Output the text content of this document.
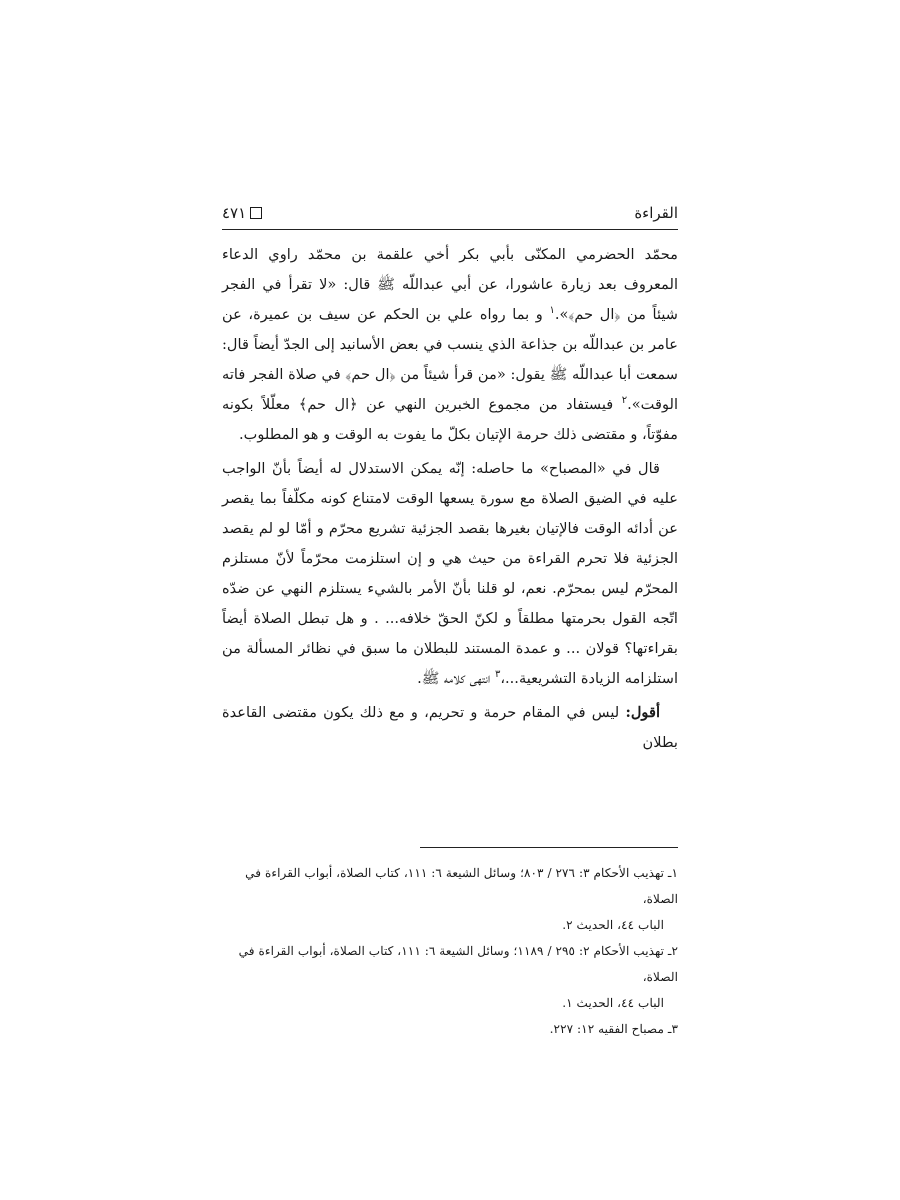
القراءة
٤٧١

محمّد الحضرمي المكنّى بأبي بكر أخي علقمة بن محمّد راوي الدعاء المعروف بعد زيارة عاشورا، عن أبي عبداللّه ﷺ قال: «لا تقرأ في الفجر شيئاً من ﴿ال حم﴾».$^١$ و بما رواه علي بن الحكم عن سيف بن عميرة، عن عامر بن عبداللّه بن جذاعة الذي ينسب في بعض الأسانيد إلى الجدّ أيضاً قال: سمعت أبا عبداللّه ﷺ يقول: «من قرأ شيئاً من ﴿ال حم﴾ في صلاة الفجر فاته الوقت».$^٢$ فيستفاد من مجموع الخبرين النهي عن ﴿ال حم﴾ معلّلاً بكونه مفوّتاً، و مقتضى ذلك حرمة الإتيان بكلّ ما يفوت به الوقت و هو المطلوب.

قال في «المصباح» ما حاصله: إنّه يمكن الاستدلال له أيضاً بأنّ الواجب عليه في الضيق الصلاة مع سورة يسعها الوقت لامتناع كونه مكلّفاً بما يقصر عن أدائه الوقت فالإتيان بغيرها بقصد الجزئية تشريع محرّم و أمّا لو لم يقصد الجزئية فلا تحرم القراءة من حيث هي و إن استلزمت محرّماً لأنّ مستلزم المحرّم ليس بمحرّم. نعم، لو قلنا بأنّ الأمر بالشيء يستلزم النهي عن ضدّه اتّجه القول بحرمتها مطلقاً و لكنّ الحقّ خلافه... . و هل تبطل الصلاة أيضاً بقراءتها؟ قولان ... و عمدة المستند للبطلان ما سبق في نظائر المسألة من استلزامه الزيادة التشريعية...،$^٣$ انتهى كلامه ﷺ.

أقول: ليس في المقام حرمة و تحريم، و مع ذلك يكون مقتضى القاعدة بطلان

١ـ تهذيب الأحكام ٣: ٢٧٦ / ٨٠٣؛ وسائل الشيعة ٦: ١١١، كتاب الصلاة، أبواب القراءة في الصلاة،
الباب ٤٤، الحديث ٢.
٢ـ تهذيب الأحكام ٢: ٢٩٥ / ١١٨٩؛ وسائل الشيعة ٦: ١١١، كتاب الصلاة، أبواب القراءة في الصلاة،
الباب ٤٤، الحديث ١.
٣ـ مصباح الفقيه ١٢: ٢٢٧.
